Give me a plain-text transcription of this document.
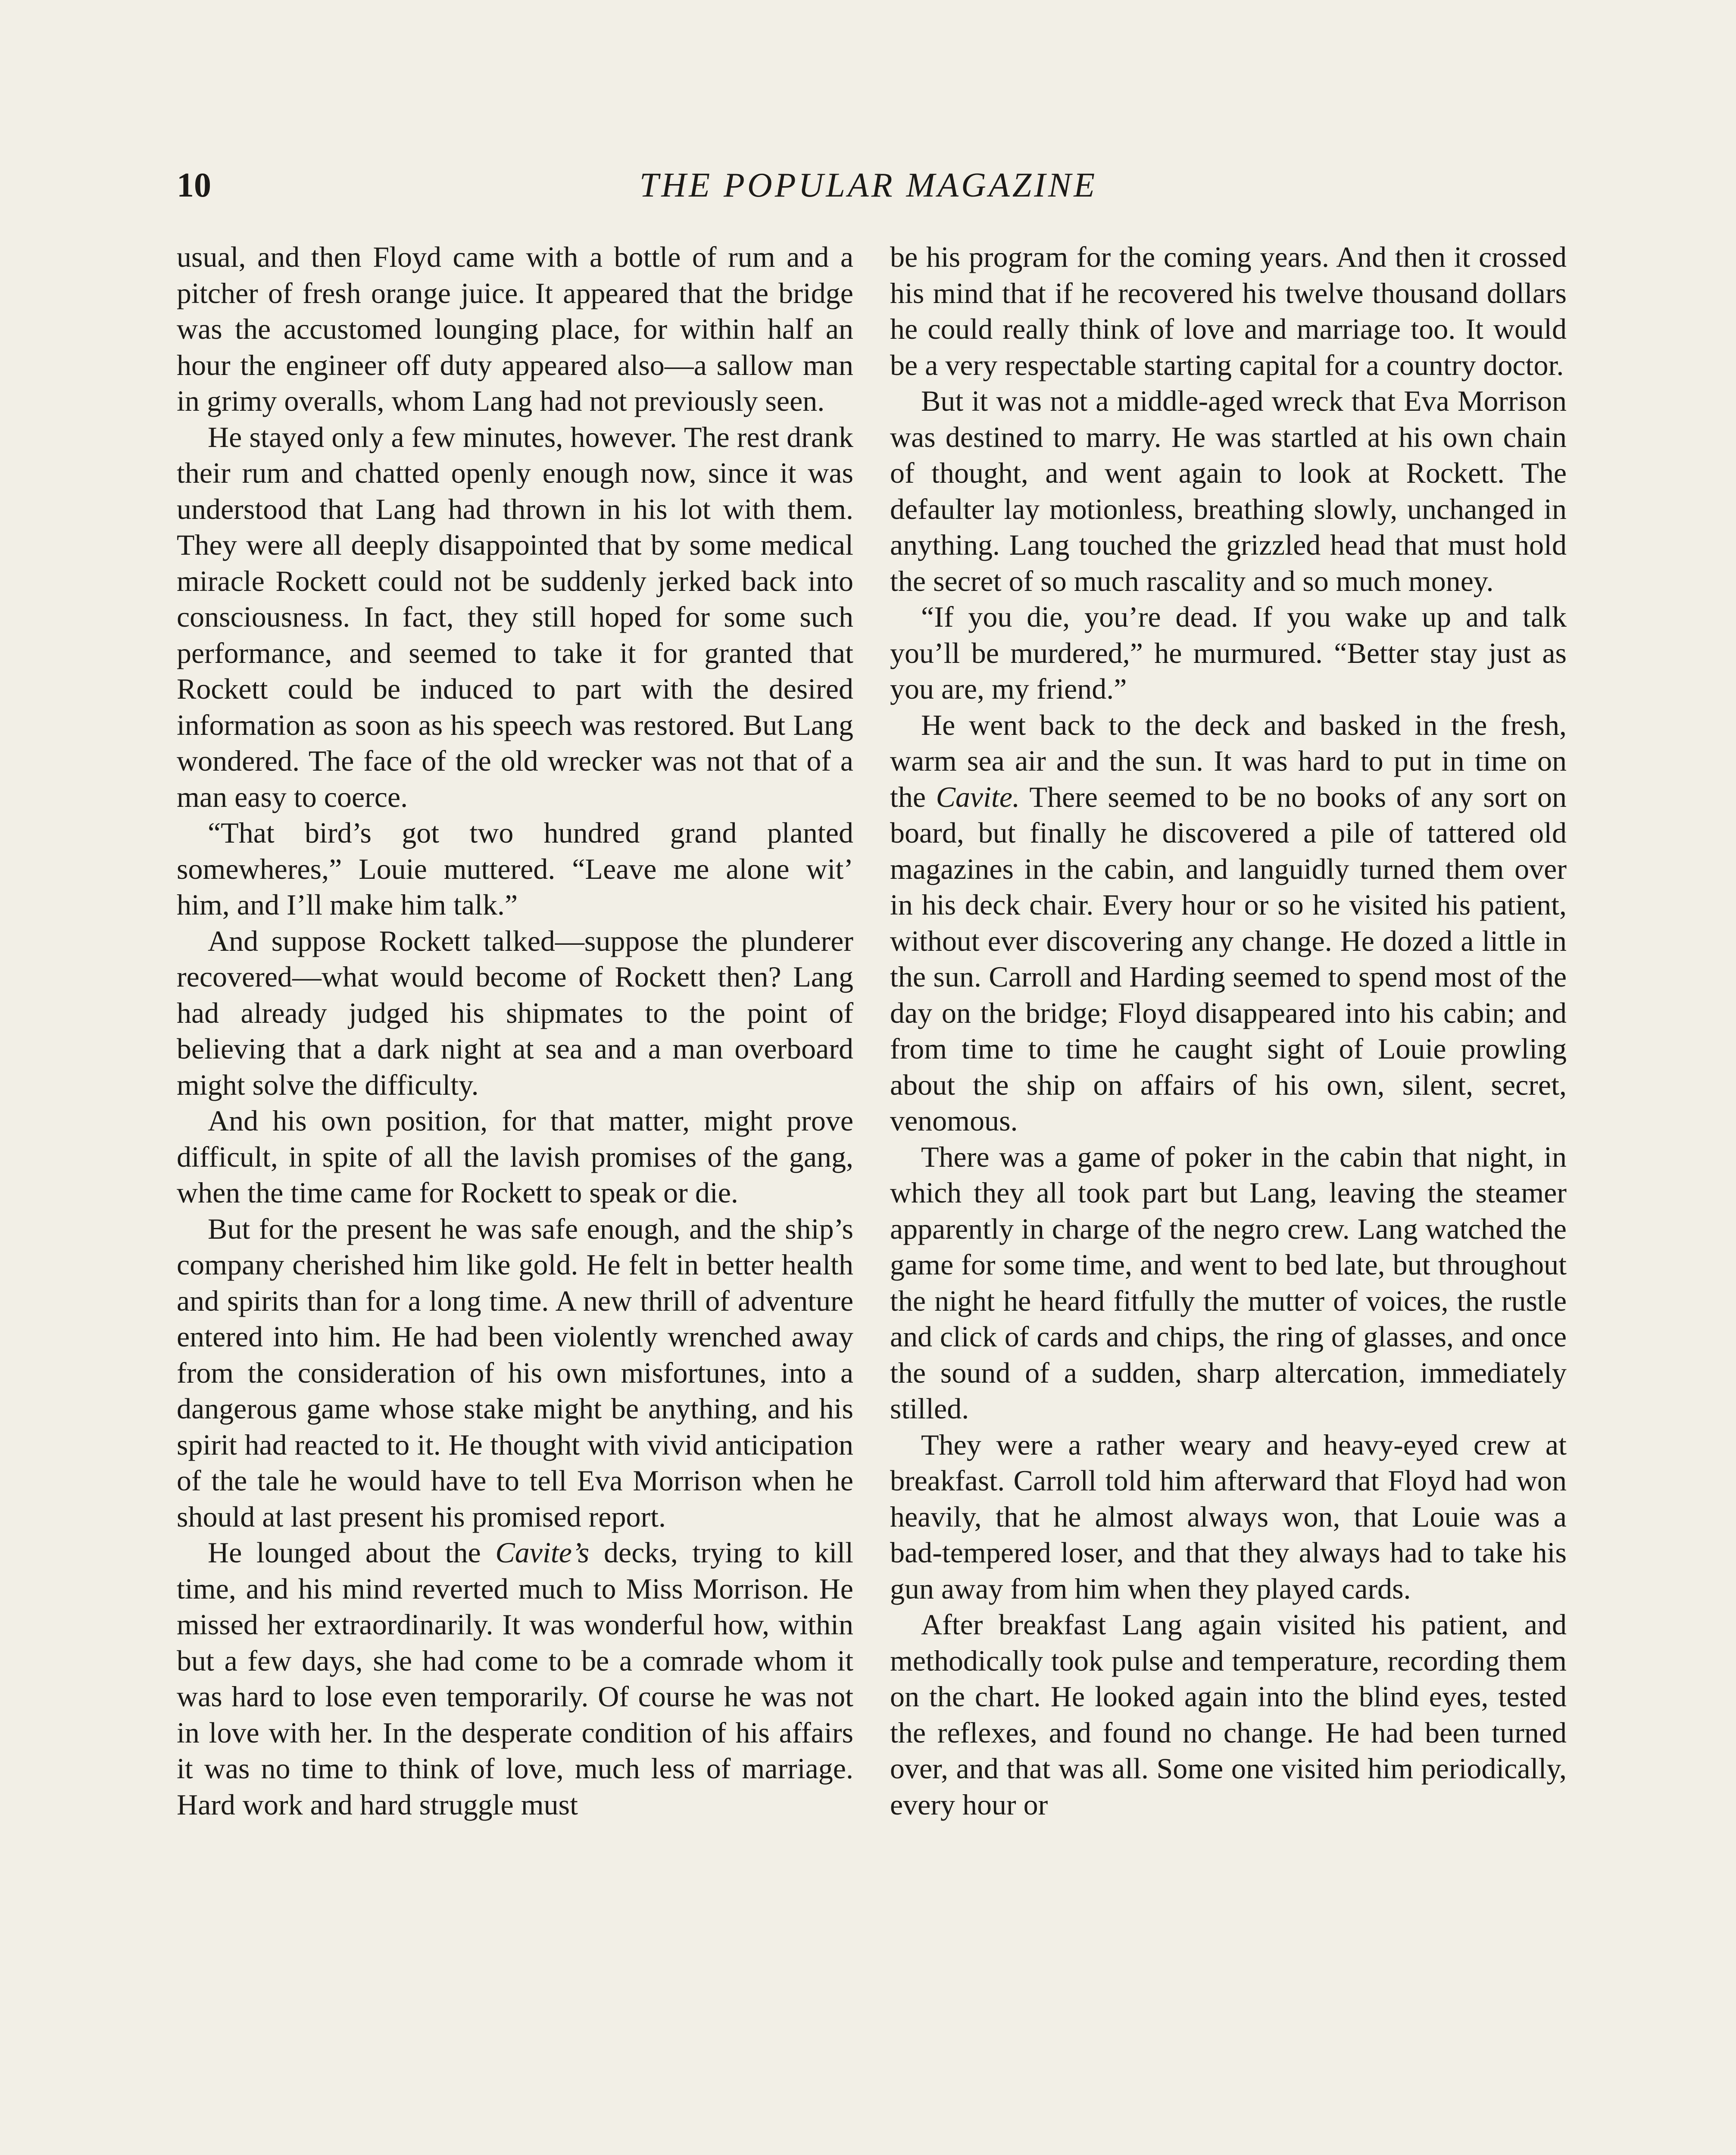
10	THE POPULAR MAGAZINE

usual, and then Floyd came with a bottle of rum and a pitcher of fresh orange juice. It appeared that the bridge was the accustomed lounging place, for within half an hour the engineer off duty appeared also—a sallow man in grimy overalls, whom Lang had not previously seen.

He stayed only a few minutes, however. The rest drank their rum and chatted openly enough now, since it was understood that Lang had thrown in his lot with them. They were all deeply disappointed that by some medical miracle Rockett could not be suddenly jerked back into consciousness. In fact, they still hoped for some such performance, and seemed to take it for granted that Rockett could be induced to part with the desired information as soon as his speech was restored. But Lang wondered. The face of the old wrecker was not that of a man easy to coerce.

“That bird’s got two hundred grand planted somewheres,” Louie muttered. “Leave me alone wit’ him, and I’ll make him talk.”

And suppose Rockett talked—suppose the plunderer recovered—what would become of Rockett then? Lang had already judged his shipmates to the point of believing that a dark night at sea and a man overboard might solve the difficulty.

And his own position, for that matter, might prove difficult, in spite of all the lavish promises of the gang, when the time came for Rockett to speak or die.

But for the present he was safe enough, and the ship’s company cherished him like gold. He felt in better health and spirits than for a long time. A new thrill of adventure entered into him. He had been violently wrenched away from the consideration of his own misfortunes, into a dangerous game whose stake might be anything, and his spirit had reacted to it. He thought with vivid anticipation of the tale he would have to tell Eva Morrison when he should at last present his promised report.

He lounged about the Cavite’s decks, trying to kill time, and his mind reverted much to Miss Morrison. He missed her extraordinarily. It was wonderful how, within but a few days, she had come to be a comrade whom it was hard to lose even temporarily. Of course he was not in love with her. In the desperate condition of his affairs it was no time to think of love, much less of marriage. Hard work and hard struggle must

be his program for the coming years. And then it crossed his mind that if he recovered his twelve thousand dollars he could really think of love and marriage too. It would be a very respectable starting capital for a country doctor.

But it was not a middle-aged wreck that Eva Morrison was destined to marry. He was startled at his own chain of thought, and went again to look at Rockett. The defaulter lay motionless, breathing slowly, unchanged in anything. Lang touched the grizzled head that must hold the secret of so much rascality and so much money.

“If you die, you’re dead. If you wake up and talk you’ll be murdered,” he murmured. “Better stay just as you are, my friend.”

He went back to the deck and basked in the fresh, warm sea air and the sun. It was hard to put in time on the Cavite. There seemed to be no books of any sort on board, but finally he discovered a pile of tattered old magazines in the cabin, and languidly turned them over in his deck chair. Every hour or so he visited his patient, without ever discovering any change. He dozed a little in the sun. Carroll and Harding seemed to spend most of the day on the bridge; Floyd disappeared into his cabin; and from time to time he caught sight of Louie prowling about the ship on affairs of his own, silent, secret, venomous.

There was a game of poker in the cabin that night, in which they all took part but Lang, leaving the steamer apparently in charge of the negro crew. Lang watched the game for some time, and went to bed late, but throughout the night he heard fitfully the mutter of voices, the rustle and click of cards and chips, the ring of glasses, and once the sound of a sudden, sharp altercation, immediately stilled.

They were a rather weary and heavy-eyed crew at breakfast. Carroll told him afterward that Floyd had won heavily, that he almost always won, that Louie was a bad-tempered loser, and that they always had to take his gun away from him when they played cards.

After breakfast Lang again visited his patient, and methodically took pulse and temperature, recording them on the chart. He looked again into the blind eyes, tested the reflexes, and found no change. He had been turned over, and that was all. Some one visited him periodically, every hour or
